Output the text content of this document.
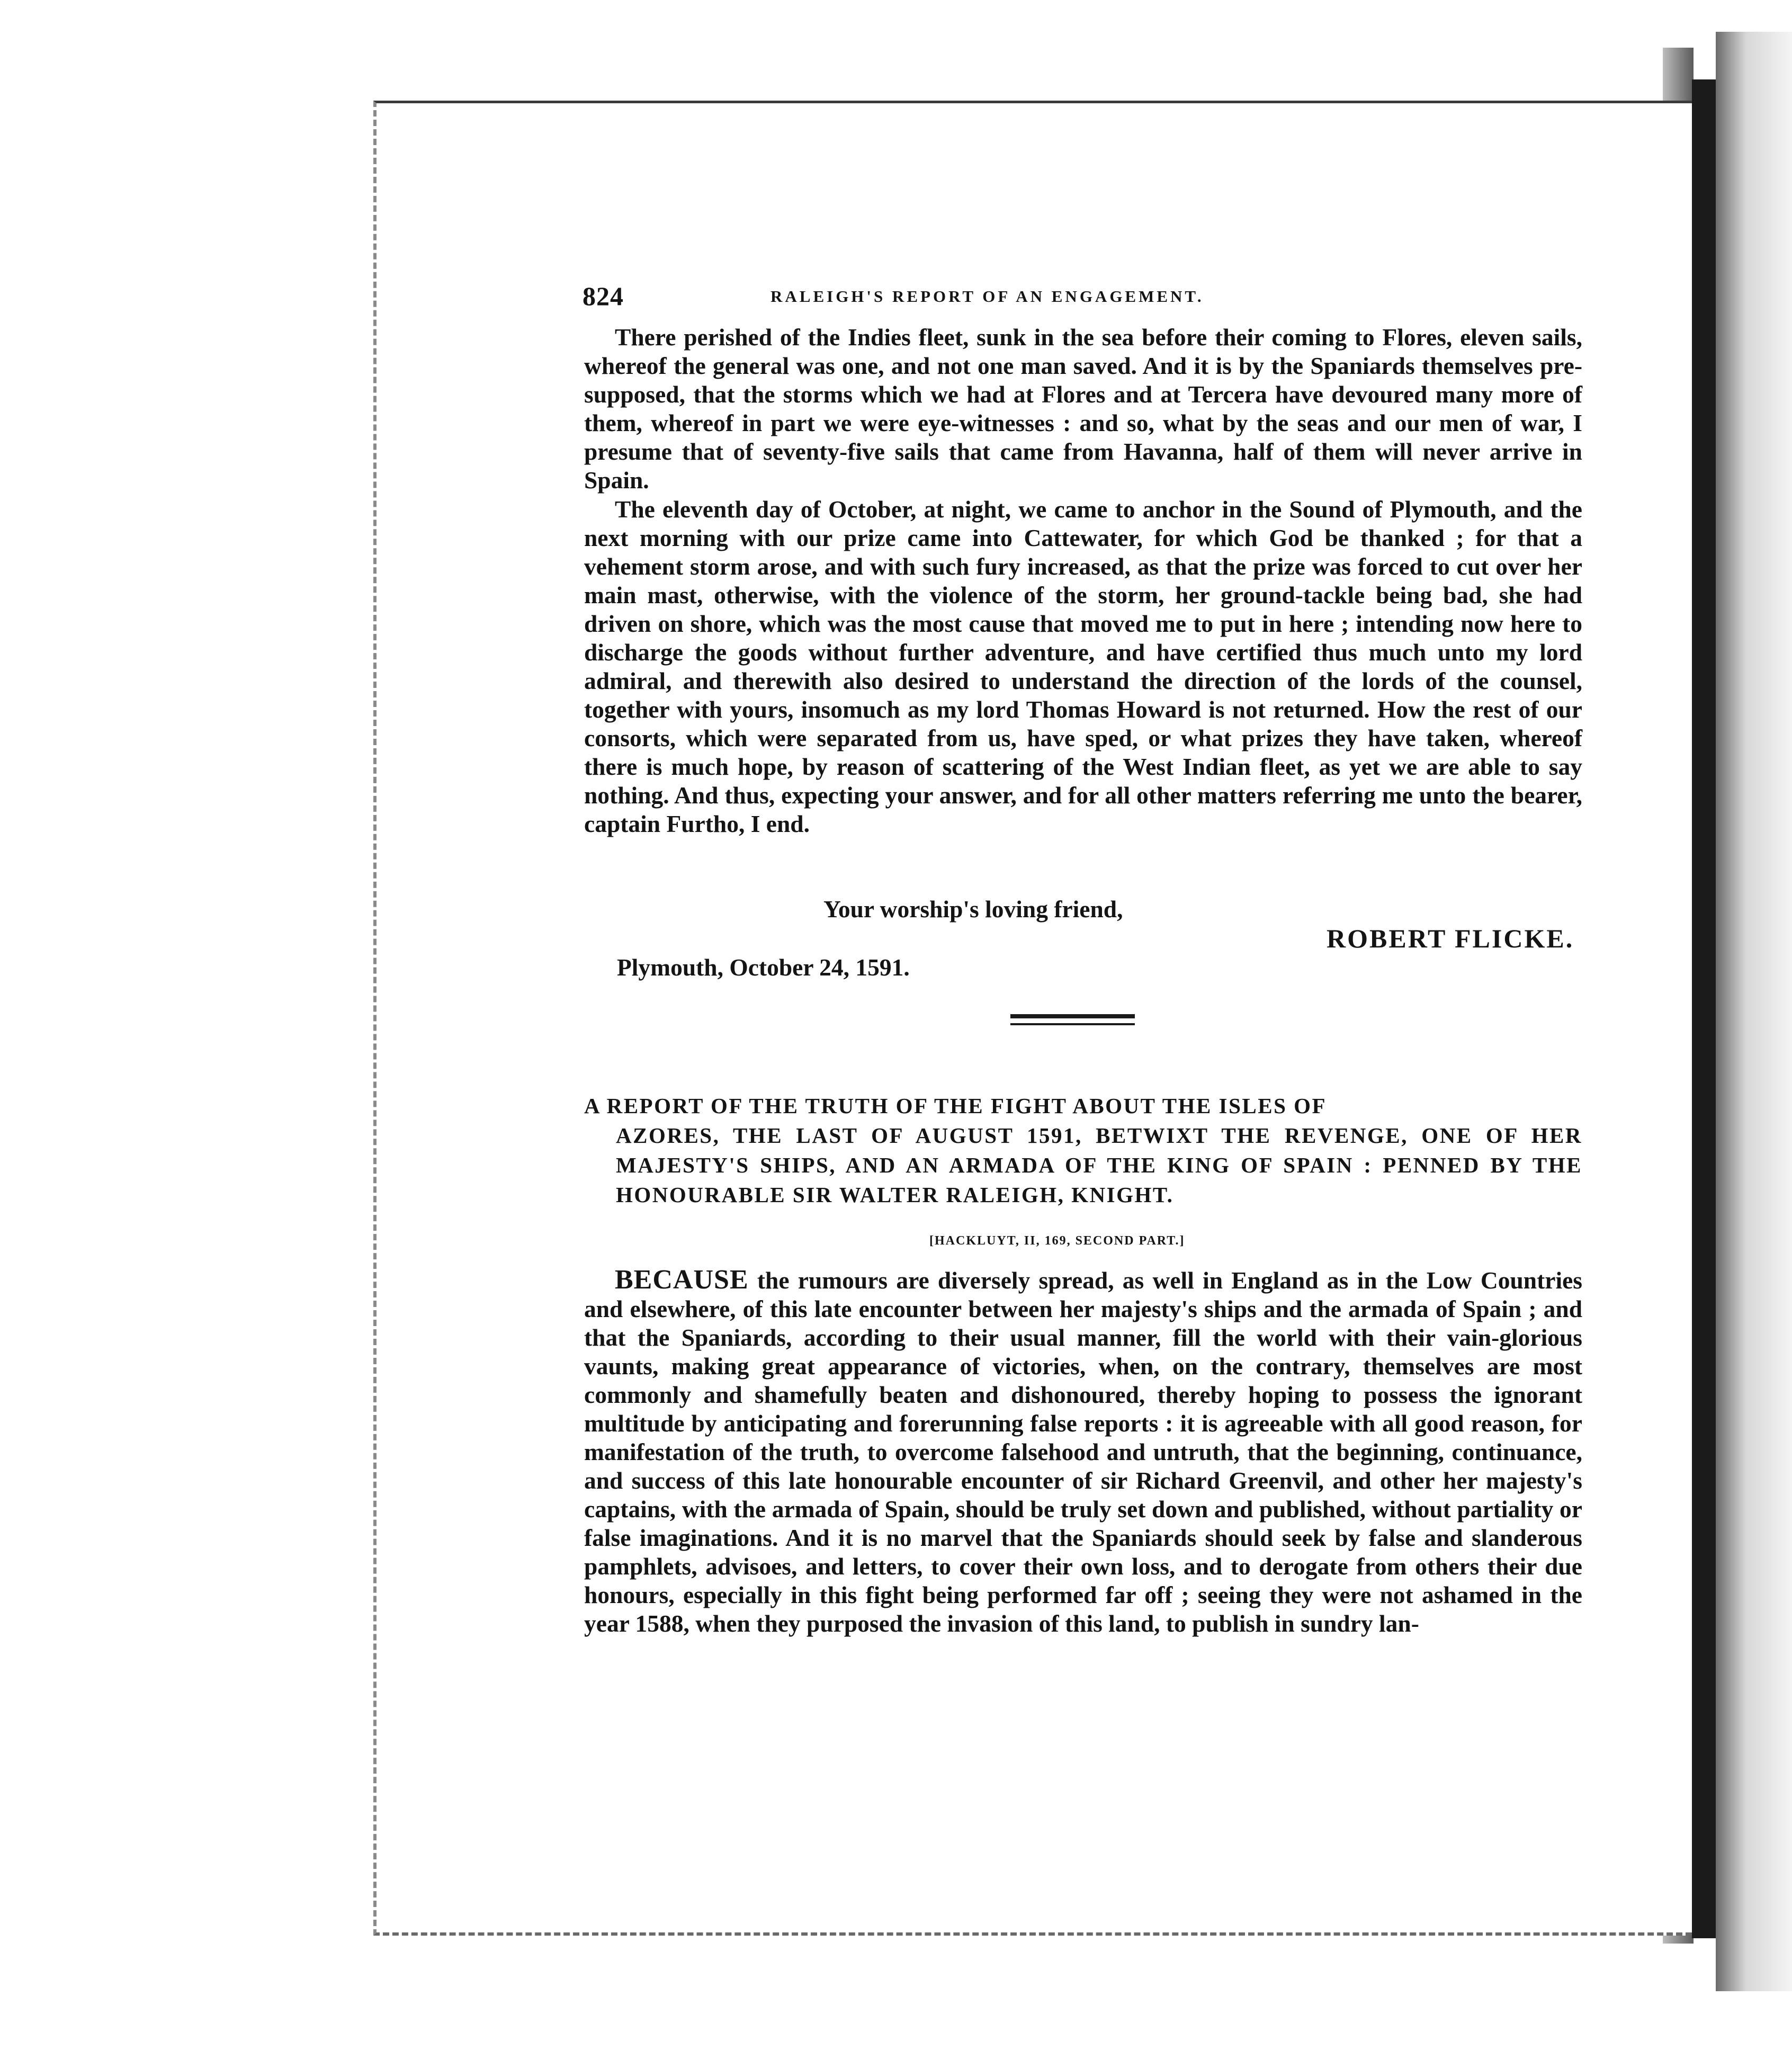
824	RALEIGH'S REPORT OF AN ENGAGEMENT.
There perished of the Indies fleet, sunk in the sea before their coming to Flores, eleven sails, whereof the general was one, and not one man saved. And it is by the Spaniards themselves pre-supposed, that the storms which we had at Flores and at Tercera have devoured many more of them, whereof in part we were eye-witnesses : and so, what by the seas and our men of war, I presume that of seventy-five sails that came from Havanna, half of them will never arrive in Spain.
The eleventh day of October, at night, we came to anchor in the Sound of Plymouth, and the next morning with our prize came into Cattewater, for which God be thanked ; for that a vehement storm arose, and with such fury increased, as that the prize was forced to cut over her main mast, otherwise, with the violence of the storm, her ground-tackle being bad, she had driven on shore, which was the most cause that moved me to put in here ; intending now here to discharge the goods without further adventure, and have certified thus much unto my lord admiral, and therewith also desired to understand the direction of the lords of the counsel, together with yours, insomuch as my lord Thomas Howard is not returned. How the rest of our consorts, which were separated from us, have sped, or what prizes they have taken, whereof there is much hope, by reason of scattering of the West Indian fleet, as yet we are able to say nothing. And thus, expecting your answer, and for all other matters referring me unto the bearer, captain Furtho, I end.
Your worship's loving friend,
ROBERT FLICKE.
Plymouth, October 24, 1591.
A REPORT OF THE TRUTH OF THE FIGHT ABOUT THE ISLES OF
AZORES, THE LAST OF AUGUST 1591, BETWIXT THE REVENGE, ONE OF HER MAJESTY'S SHIPS, AND AN ARMADA OF THE KING OF SPAIN : PENNED BY THE HONOURABLE SIR WALTER RALEIGH, KNIGHT.
[HACKLUYT, II, 169, SECOND PART.]
BECAUSE the rumours are diversely spread, as well in England as in the Low Countries and elsewhere, of this late encounter between her majesty's ships and the armada of Spain ; and that the Spaniards, according to their usual manner, fill the world with their vain-glorious vaunts, making great appearance of victories, when, on the contrary, themselves are most commonly and shamefully beaten and dishonoured, thereby hoping to possess the ignorant multitude by anticipating and forerunning false reports : it is agreeable with all good reason, for manifestation of the truth, to overcome falsehood and untruth, that the beginning, continuance, and success of this late honourable encounter of sir Richard Greenvil, and other her majesty's captains, with the armada of Spain, should be truly set down and published, without partiality or false imaginations. And it is no marvel that the Spaniards should seek by false and slanderous pamphlets, advisoes, and letters, to cover their own loss, and to derogate from others their due honours, especially in this fight being performed far off ; seeing they were not ashamed in the year 1588, when they purposed the invasion of this land, to publish in sundry lan-
